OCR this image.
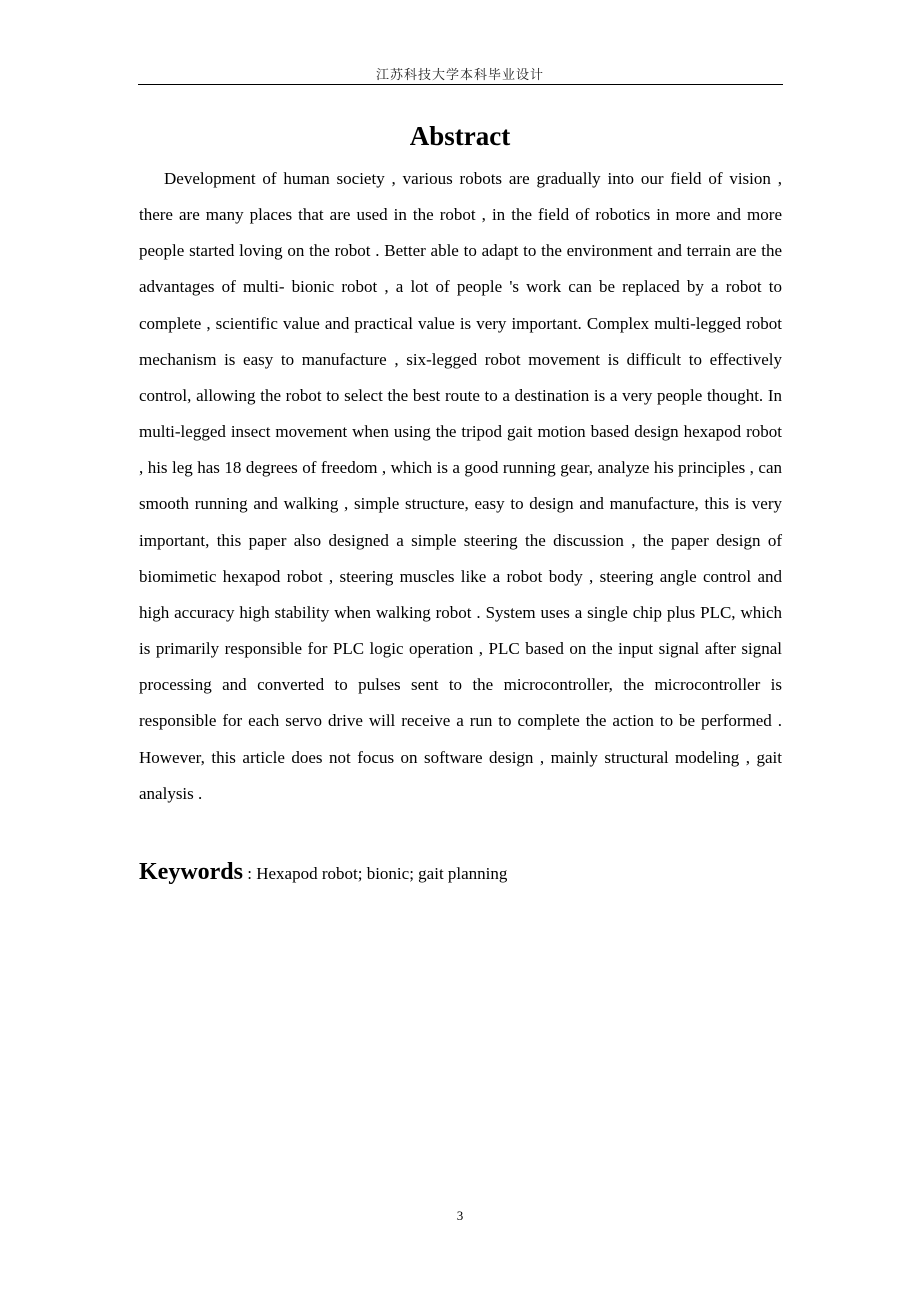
江苏科技大学本科毕业设计
Abstract

Development of human society , various robots are gradually into our field of vision , there are many places that are used in the robot , in the field of robotics in more and more people started loving on the robot . Better able to adapt to the environment and terrain are the advantages of multi- bionic robot , a lot of people 's work can be replaced by a robot to complete , scientific value and practical value is very important. Complex multi-legged robot mechanism is easy to manufacture , six-legged robot movement is difficult to effectively control, allowing the robot to select the best route to a destination is a very people thought. In multi-legged insect movement when using the tripod gait motion based design hexapod robot , his leg has 18 degrees of freedom , which is a good running gear, analyze his principles , can smooth running and walking , simple structure, easy to design and manufacture, this is very important, this paper also designed a simple steering the discussion , the paper design of biomimetic hexapod robot , steering muscles like a robot body , steering angle control and high accuracy high stability when walking robot . System uses a single chip plus PLC, which is primarily responsible for PLC logic operation , PLC based on the input signal after signal processing and converted to pulses sent to the microcontroller, the microcontroller is responsible for each servo drive will receive a run to complete the action to be performed . However, this article does not focus on software design , mainly structural modeling , gait analysis .

Keywords : Hexapod robot; bionic; gait planning
3
